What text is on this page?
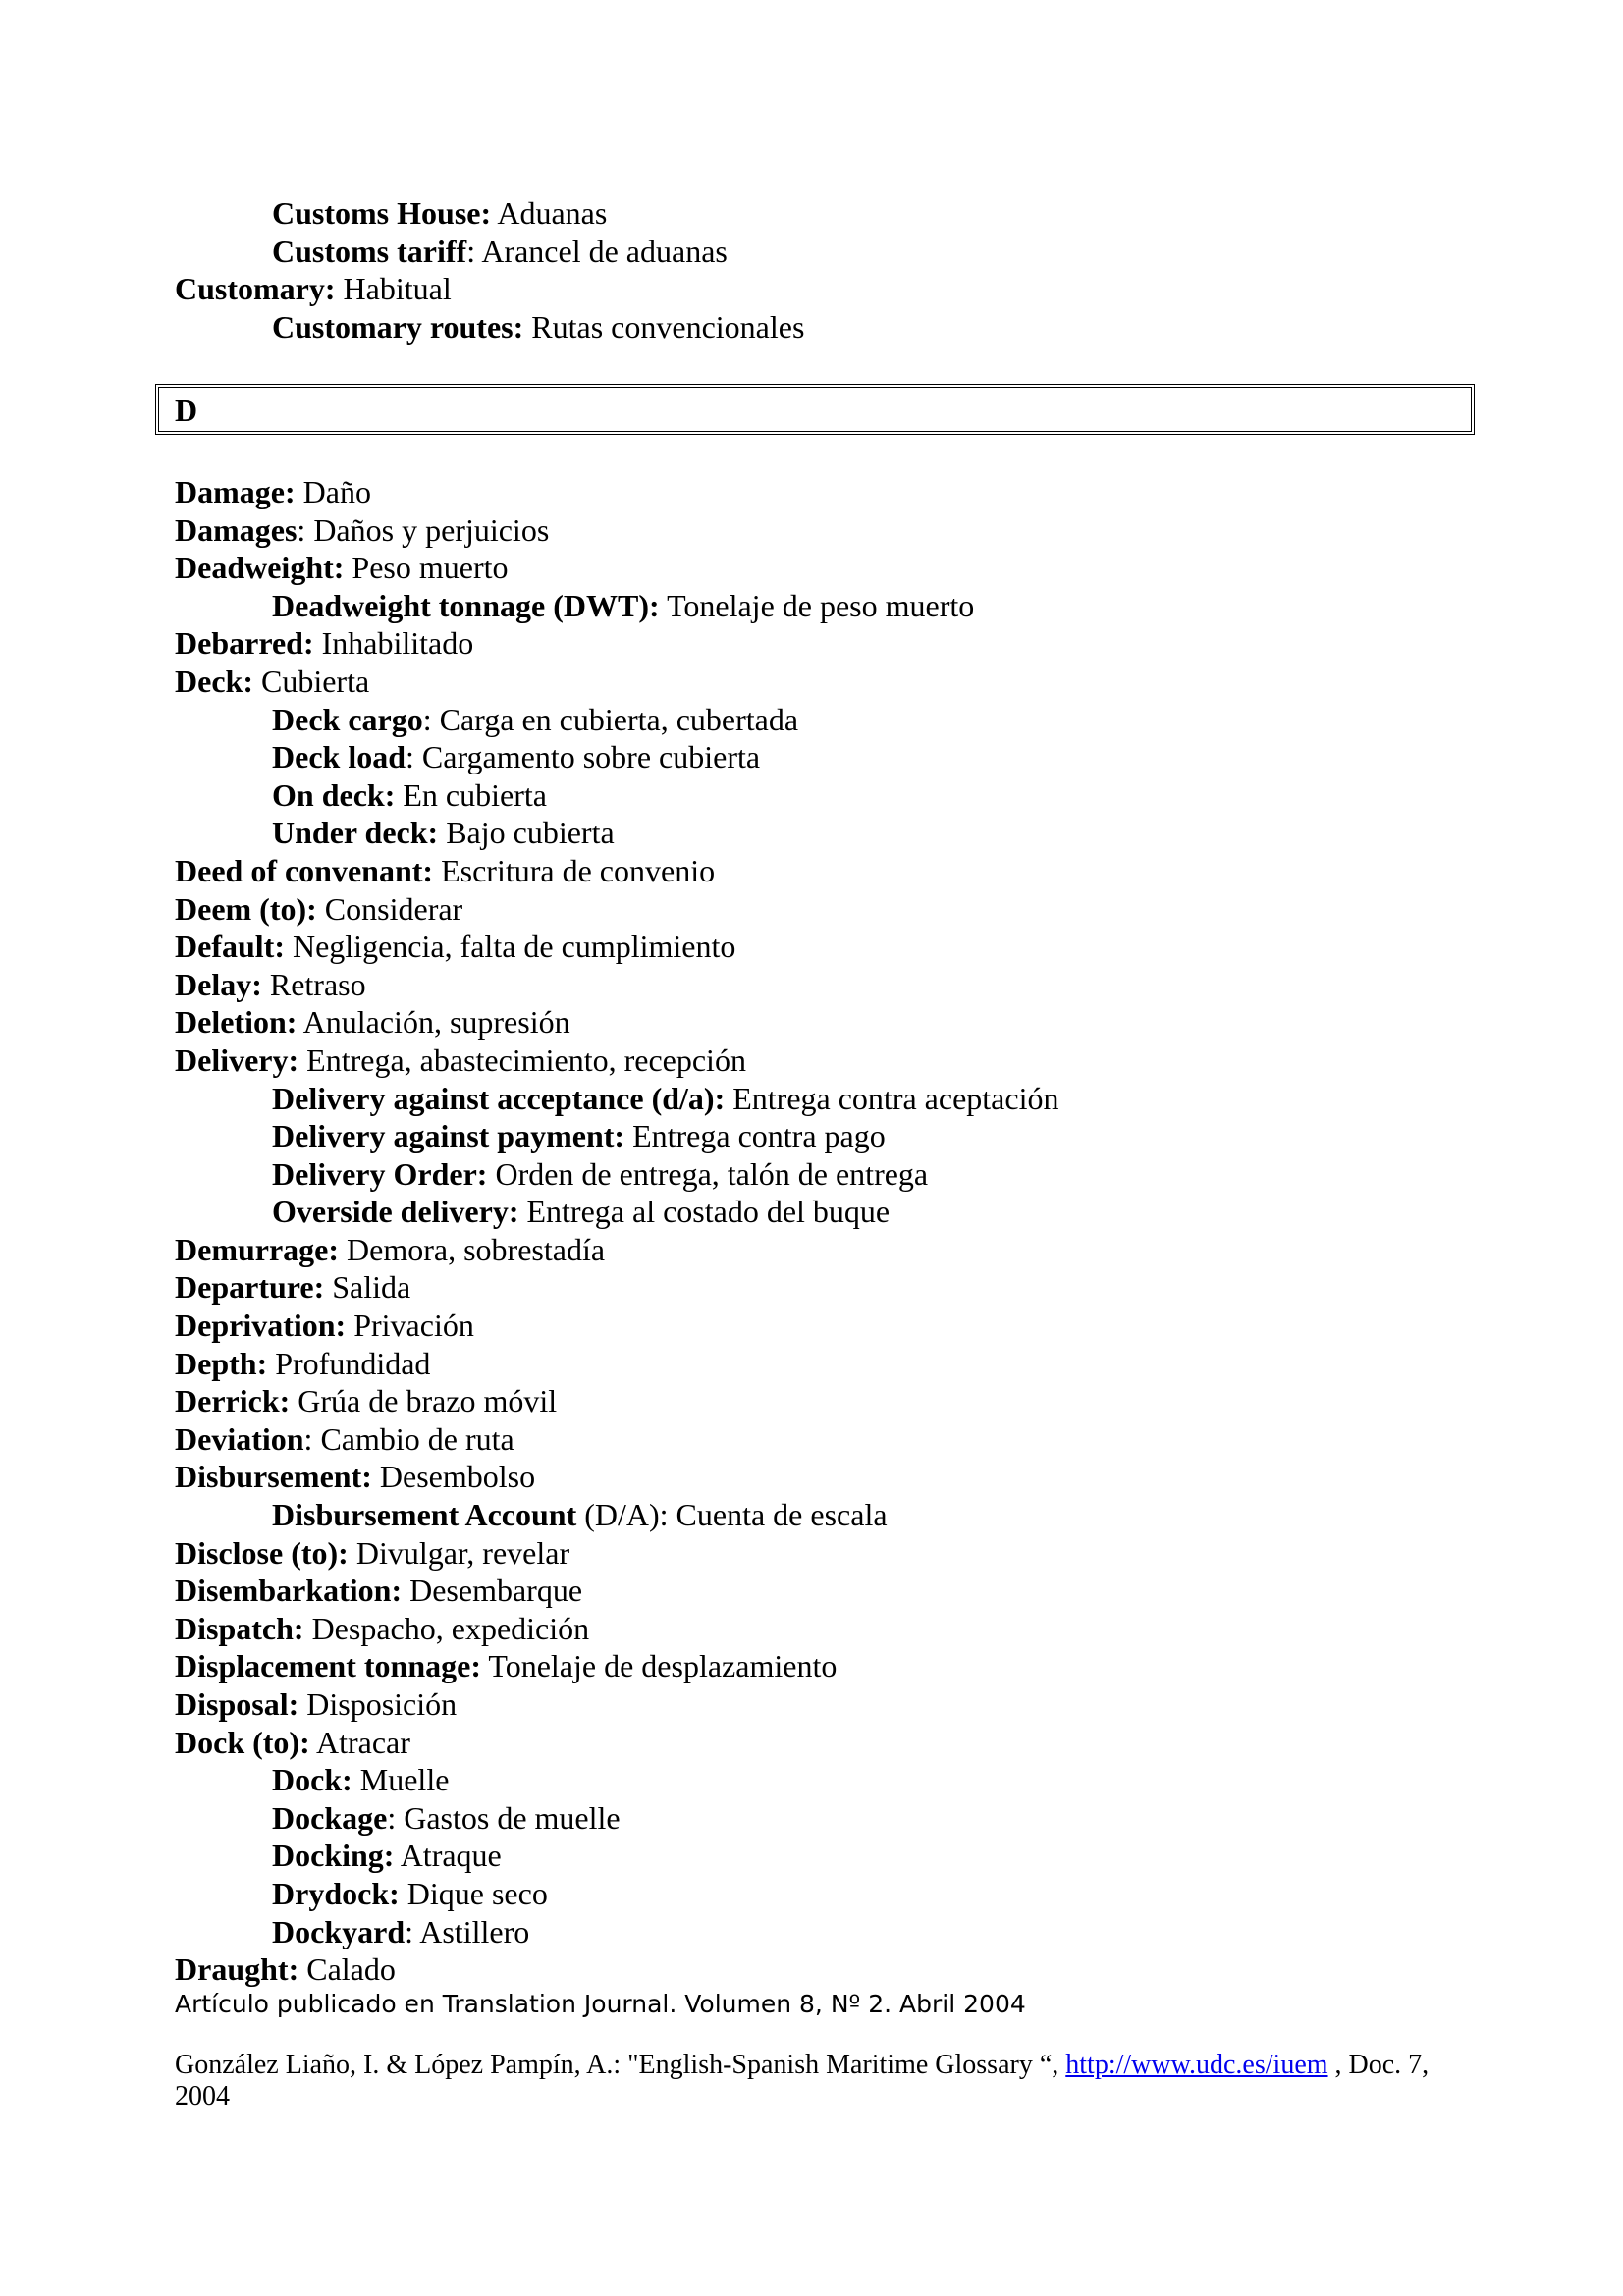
Customs House: Aduanas
Customs tariff: Arancel de aduanas
Customary: Habitual
Customary routes: Rutas convencionales
D
Damage: Daño
Damages: Daños y perjuicios
Deadweight: Peso muerto
Deadweight tonnage (DWT): Tonelaje de peso muerto
Debarred: Inhabilitado
Deck: Cubierta
Deck cargo: Carga en cubierta, cubertada
Deck load: Cargamento sobre cubierta
On deck: En cubierta
Under deck: Bajo cubierta
Deed of convenant: Escritura de convenio
Deem (to): Considerar
Default: Negligencia, falta de cumplimiento
Delay: Retraso
Deletion: Anulación, supresión
Delivery: Entrega, abastecimiento, recepción
Delivery against acceptance (d/a): Entrega contra aceptación
Delivery against payment: Entrega contra pago
Delivery Order: Orden de entrega, talón de entrega
Overside delivery: Entrega al costado del buque
Demurrage: Demora, sobrestadía
Departure: Salida
Deprivation: Privación
Depth: Profundidad
Derrick: Grúa de brazo móvil
Deviation: Cambio de ruta
Disbursement: Desembolso
Disbursement Account (D/A): Cuenta de escala
Disclose (to): Divulgar, revelar
Disembarkation: Desembarque
Dispatch: Despacho, expedición
Displacement tonnage: Tonelaje de desplazamiento
Disposal: Disposición
Dock (to): Atracar
Dock: Muelle
Dockage: Gastos de muelle
Docking: Atraque
Drydock: Dique seco
Dockyard: Astillero
Draught: Calado
Artículo publicado en Translation Journal. Volumen 8, Nº 2. Abril 2004
González Liaño, I. & López Pampín, A.: "English-Spanish Maritime Glossary “, http://www.udc.es/iuem , Doc. 7, 2004
